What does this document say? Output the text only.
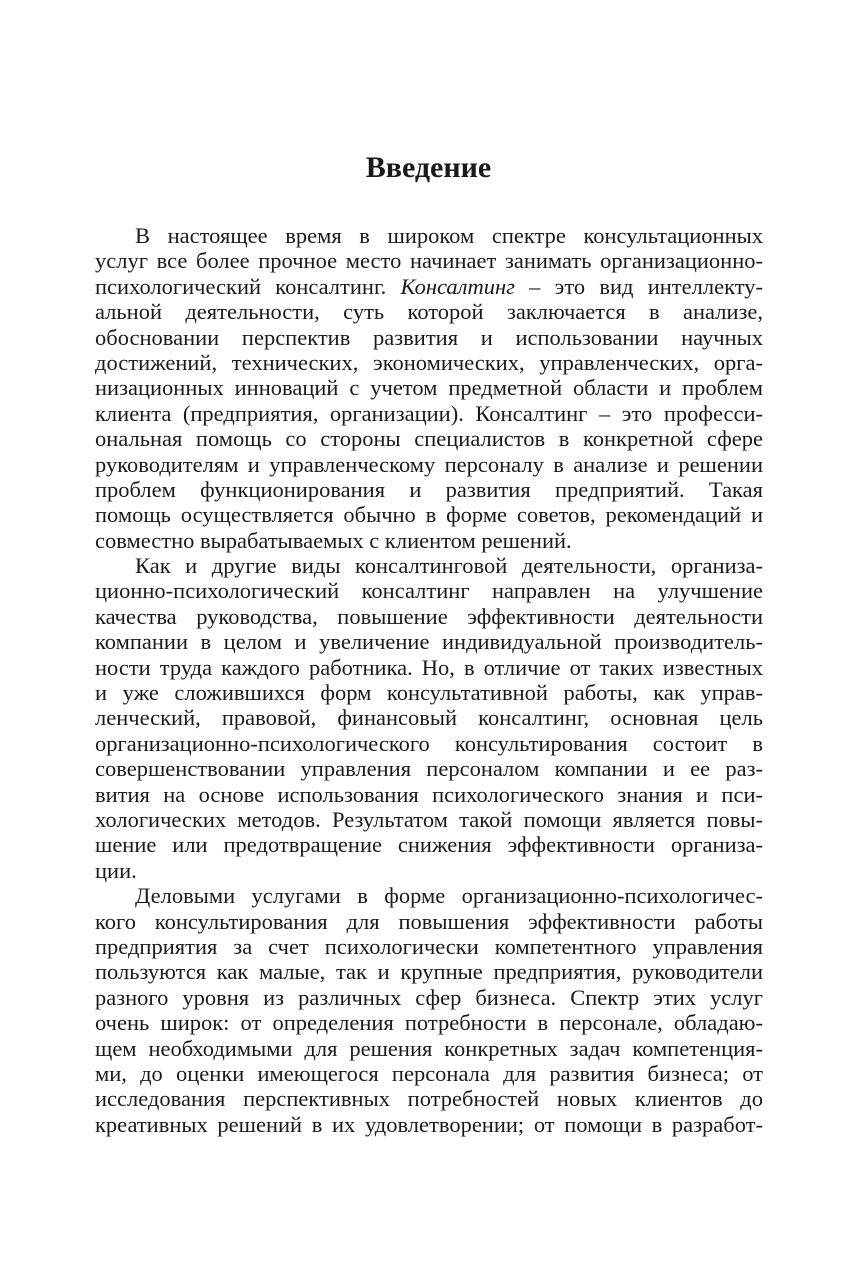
Введение
В настоящее время в широком спектре консультационных
услуг все более прочное место начинает занимать организационно-
психологический консалтинг. Консалтинг – это вид интеллекту-
альной деятельности, суть которой заключается в анализе,
обосновании перспектив развития и использовании научных
достижений, технических, экономических, управленческих, орга-
низационных инноваций с учетом предметной области и проблем
клиента (предприятия, организации). Консалтинг – это професси-
ональная помощь со стороны специалистов в конкретной сфере
руководителям и управленческому персоналу в анализе и решении
проблем функционирования и развития предприятий. Такая
помощь осуществляется обычно в форме советов, рекомендаций и
совместно вырабатываемых с клиентом решений.
Как и другие виды консалтинговой деятельности, организа-
ционно-психологический консалтинг направлен на улучшение
качества руководства, повышение эффективности деятельности
компании в целом и увеличение индивидуальной производитель-
ности труда каждого работника. Но, в отличие от таких известных
и уже сложившихся форм консультативной работы, как управ-
ленческий, правовой, финансовый консалтинг, основная цель
организационно-психологического консультирования состоит в
совершенствовании управления персоналом компании и ее раз-
вития на основе использования психологического знания и пси-
хологических методов. Результатом такой помощи является повы-
шение или предотвращение снижения эффективности организа-
ции.
Деловыми услугами в форме организационно-психологичес-
кого консультирования для повышения эффективности работы
предприятия за счет психологически компетентного управления
пользуются как малые, так и крупные предприятия, руководители
разного уровня из различных сфер бизнеса. Спектр этих услуг
очень широк: от определения потребности в персонале, обладаю-
щем необходимыми для решения конкретных задач компетенция-
ми, до оценки имеющегося персонала для развития бизнеса; от
исследования перспективных потребностей новых клиентов до
креативных решений в их удовлетворении; от помощи в разработ-
